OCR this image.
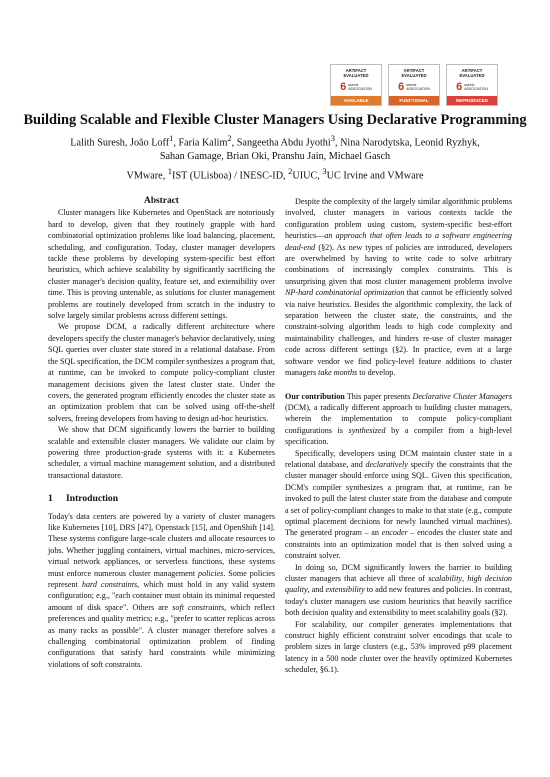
ARTIFACT
EVALUATED
6 usenix
ASSOCIATION
AVAILABLE
ARTIFACT
EVALUATED
6 usenix
ASSOCIATION
FUNCTIONAL
ARTIFACT
EVALUATED
6 usenix
ASSOCIATION
REPRODUCED
Building Scalable and Flexible Cluster Managers Using Declarative Programming
Lalith Suresh, João Loff$^1$, Faria Kalim$^2$, Sangeetha Abdu Jyothi$^3$, Nina Narodytska, Leonid Ryzhyk,
Sahan Gamage, Brian Oki, Pranshu Jain, Michael Gasch
VMware, $^1$IST (ULisboa) / INESC-ID, $^2$UIUC, $^3$UC Irvine and VMware

Abstract

Cluster managers like Kubernetes and OpenStack are notoriously hard to develop, given that they routinely grapple with hard combinatorial optimization problems like load balancing, placement, scheduling, and configuration. Today, cluster manager developers tackle these problems by developing system-specific best effort heuristics, which achieve scalability by significantly sacrificing the cluster manager's decision quality, feature set, and extensibility over time. This is proving untenable, as solutions for cluster management problems are routinely developed from scratch in the industry to solve largely similar problems across different settings.

We propose DCM, a radically different architecture where developers specify the cluster manager's behavior declaratively, using SQL queries over cluster state stored in a relational database. From the SQL specification, the DCM compiler synthesizes a program that, at runtime, can be invoked to compute policy-compliant cluster management decisions given the latest cluster state. Under the covers, the generated program efficiently encodes the cluster state as an optimization problem that can be solved using off-the-shelf solvers, freeing developers from having to design ad-hoc heuristics.

We show that DCM significantly lowers the barrier to building scalable and extensible cluster managers. We validate our claim by powering three production-grade systems with it: a Kubernetes scheduler, a virtual machine management solution, and a distributed transactional datastore.

1 Introduction

Today's data centers are powered by a variety of cluster managers like Kubernetes [10], DRS [47], Openstack [15], and OpenShift [14]. These systems configure large-scale clusters and allocate resources to jobs. Whether juggling containers, virtual machines, micro-services, virtual network appliances, or serverless functions, these systems must enforce numerous cluster management policies. Some policies represent hard constraints, which must hold in any valid system configuration; e.g., "each container must obtain its minimal requested amount of disk space". Others are soft constraints, which reflect preferences and quality metrics; e.g., "prefer to scatter replicas across as many racks as possible". A cluster manager therefore solves a challenging combinatorial optimization problem of finding configurations that satisfy hard constraints while minimizing violations of soft constraints.

Despite the complexity of the largely similar algorithmic problems involved, cluster managers in various contexts tackle the configuration problem using custom, system-specific best-effort heuristics—an approach that often leads to a software engineering dead-end (§2). As new types of policies are introduced, developers are overwhelmed by having to write code to solve arbitrary combinations of increasingly complex constraints. This is unsurprising given that most cluster management problems involve NP-hard combinatorial optimization that cannot be efficiently solved via naive heuristics. Besides the algorithmic complexity, the lack of separation between the cluster state, the constraints, and the constraint-solving algorithm leads to high code complexity and maintainability challenges, and hinders re-use of cluster manager code across different settings (§2). In practice, even at a large software vendor we find policy-level feature additions to cluster managers take months to develop.

Our contribution This paper presents Declarative Cluster Managers (DCM), a radically different approach to building cluster managers, wherein the implementation to compute policy-compliant configurations is synthesized by a compiler from a high-level specification.

Specifically, developers using DCM maintain cluster state in a relational database, and declaratively specify the constraints that the cluster manager should enforce using SQL. Given this specification, DCM's compiler synthesizes a program that, at runtime, can be invoked to pull the latest cluster state from the database and compute a set of policy-compliant changes to make to that state (e.g., compute optimal placement decisions for newly launched virtual machines). The generated program – an encoder – encodes the cluster state and constraints into an optimization model that is then solved using a constraint solver.

In doing so, DCM significantly lowers the barrier to building cluster managers that achieve all three of scalability, high decision quality, and extensibility to add new features and policies. In contrast, today's cluster managers use custom heuristics that heavily sacrifice both decision quality and extensibility to meet scalability goals (§2).

For scalability, our compiler generates implementations that construct highly efficient constraint solver encodings that scale to problem sizes in large clusters (e.g., 53% improved p99 placement latency in a 500 node cluster over the heavily optimized Kubernetes scheduler, §6.1).
